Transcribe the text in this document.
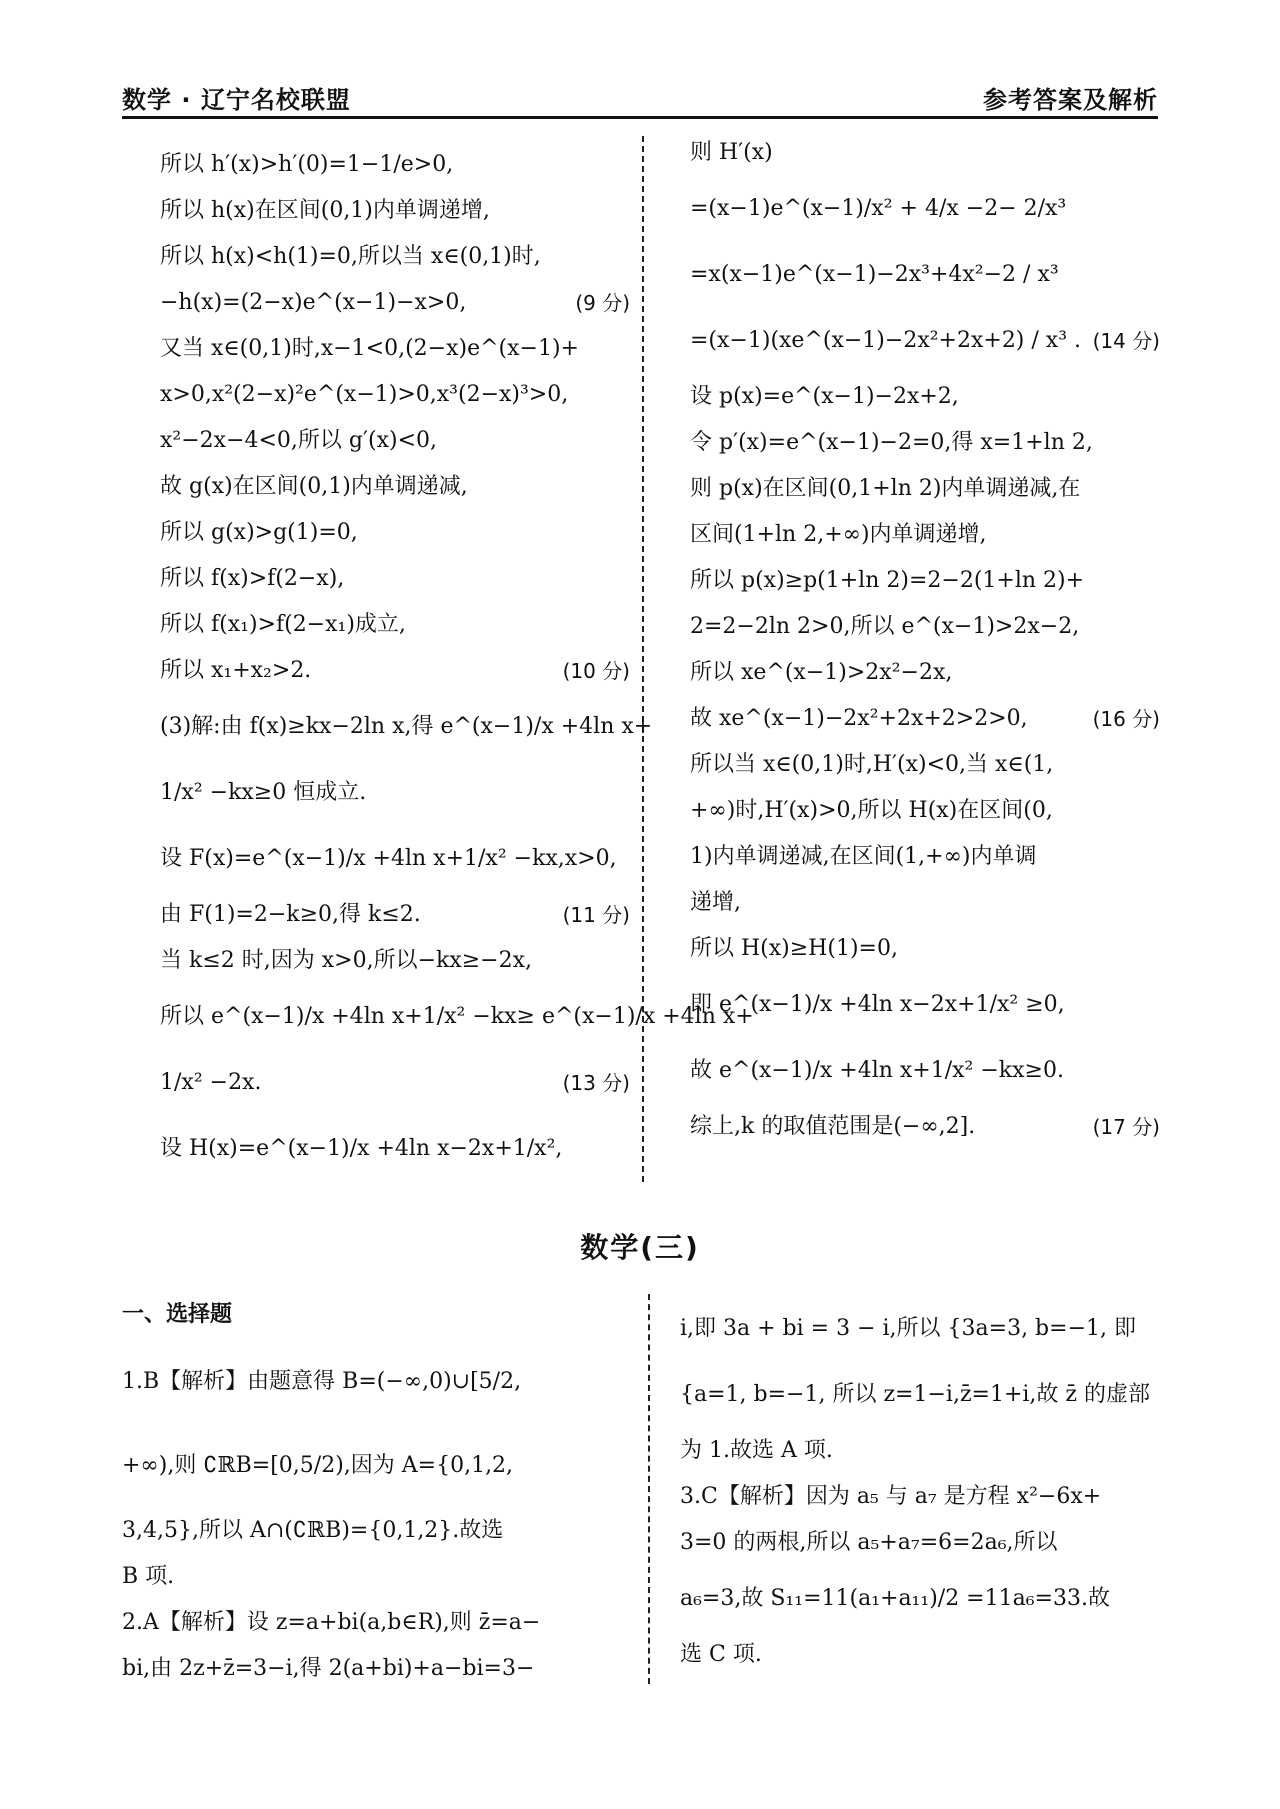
数学 · 辽宁名校联盟	参考答案及解析
所以 h′(x)>h′(0)=1−1/e>0,
所以 h(x)在区间(0,1)内单调递增,
所以 h(x)<h(1)=0,所以当 x∈(0,1)时,
−h(x)=(2−x)e^(x−1)−x>0,	(9 分)
又当 x∈(0,1)时,x−1<0,(2−x)e^(x−1)+
x>0,x²(2−x)²e^(x−1)>0,x³(2−x)³>0,
x²−2x−4<0,所以 g′(x)<0,
故 g(x)在区间(0,1)内单调递减,
所以 g(x)>g(1)=0,
所以 f(x)>f(2−x),
所以 f(x₁)>f(2−x₁)成立,
所以 x₁+x₂>2.	(10 分)
(3)解:由 f(x)≥kx−2ln x,得 e^(x−1)/x +4ln x+
1/x² −kx≥0 恒成立.
设 F(x)=e^(x−1)/x +4ln x+1/x² −kx,x>0,
由 F(1)=2−k≥0,得 k≤2.	(11 分)
当 k≤2 时,因为 x>0,所以−kx≥−2x,
所以 e^(x−1)/x +4ln x+1/x² −kx≥ e^(x−1)/x +4ln x+
1/x² −2x.	(13 分)
设 H(x)=e^(x−1)/x +4ln x−2x+1/x²,
则 H′(x)
=(x−1)e^(x−1)/x² + 4/x −2− 2/x³
=x(x−1)e^(x−1)−2x³+4x²−2 / x³
=(x−1)(xe^(x−1)−2x²+2x+2) / x³ . (14 分)
设 p(x)=e^(x−1)−2x+2,
令 p′(x)=e^(x−1)−2=0,得 x=1+ln 2,
则 p(x)在区间(0,1+ln 2)内单调递减,在
区间(1+ln 2,+∞)内单调递增,
所以 p(x)≥p(1+ln 2)=2−2(1+ln 2)+
2=2−2ln 2>0,所以 e^(x−1)>2x−2,
所以 xe^(x−1)>2x²−2x,
故 xe^(x−1)−2x²+2x+2>2>0,	(16 分)
所以当 x∈(0,1)时,H′(x)<0,当 x∈(1,
+∞)时,H′(x)>0,所以 H(x)在区间(0,
1)内单调递减,在区间(1,+∞)内单调
递增,
所以 H(x)≥H(1)=0,
即 e^(x−1)/x +4ln x−2x+1/x² ≥0,
故 e^(x−1)/x +4ln x+1/x² −kx≥0.
综上,k 的取值范围是(−∞,2].	(17 分)
数学(三)
一、选择题
1.B【解析】由题意得 B=(−∞,0)∪[5/2,
+∞),则 ∁ℝB=[0,5/2),因为 A={0,1,2,
3,4,5},所以 A∩(∁ℝB)={0,1,2}.故选
B 项.
2.A【解析】设 z=a+bi(a,b∈R),则 z̄=a−
bi,由 2z+z̄=3−i,得 2(a+bi)+a−bi=3−
i,即 3a + bi = 3 − i,所以 {3a=3, b=−1, 即
{a=1, b=−1, 所以 z=1−i,z̄=1+i,故 z̄ 的虚部
为 1.故选 A 项.
3.C【解析】因为 a₅ 与 a₇ 是方程 x²−6x+
3=0 的两根,所以 a₅+a₇=6=2a₆,所以
a₆=3,故 S₁₁=11(a₁+a₁₁)/2 =11a₆=33.故
选 C 项.
